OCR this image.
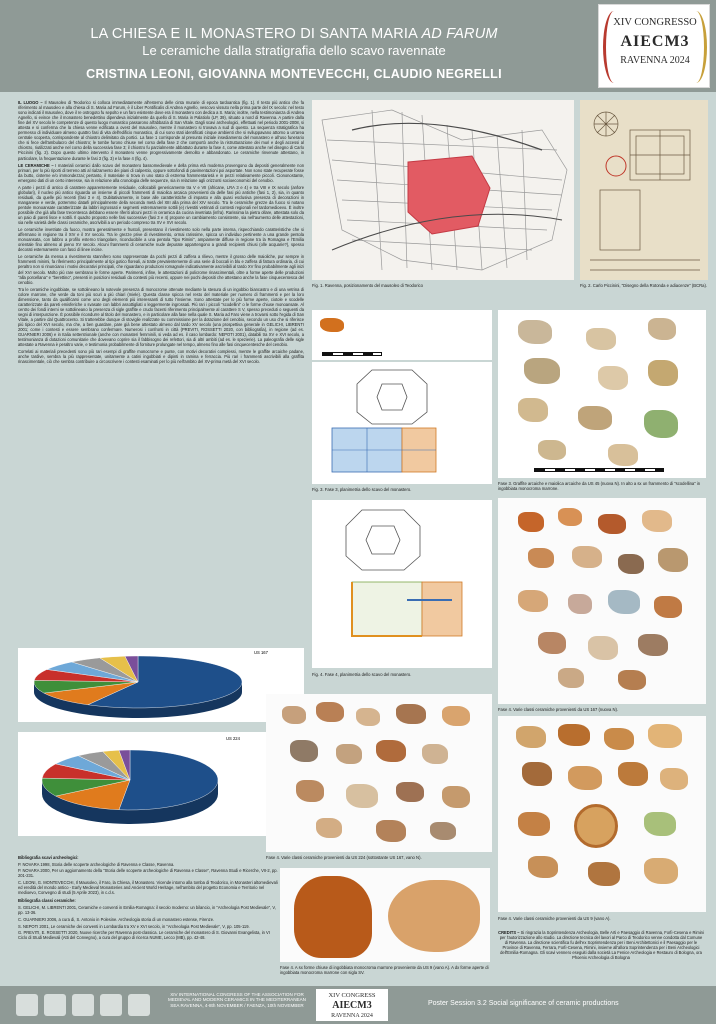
LA CHIESA E IL MONASTERO DI SANTA MARIA AD FARUM
Le ceramiche dalla stratigrafia dello scavo ravennate
CRISTINA LEONI, GIOVANNA MONTEVECCHI, CLAUDIO NEGRELLI
XIV CONGRESSO
AIECM3
RAVENNA 2024

IL LUOGO – Il Mausoleo di Teodorico si colloca immediatamente all'esterno delle cinta murarie di epoca tardoantica (fig. 1). Il testo più antico che fa riferimento al mausoleo e alla chiesa di S. Maria ad Farum, è il Liber Pontificalis di Andrea Agnello, vescovo vissuto nella prima parte del IX secolo: nel testo sono indicati il mausoleo, dove il re ostrogoto fu sepolto e un faro esistente dove era il monastero con dedica a S. Maria; inoltre, nella testimonianza di Andrea Agnello, si evince che il monastero benedettino dipendeva inizialmente da quello di S. Maria in Palatiolo (LP, 39), situato a nord di Ravenna. A partire dalla fine del XV secolo le competenze di questo luogo monastico passarono all'abbazia di San Vitale. Dagli scavi archeologici, effettuati nel periodo 2001-2008, si attesta e si conferma che la chiesa venne edificata a ovest del mausoleo, mentre il monastero si trovava a sud di questo. La sequenza stratigrafica ha permesso di individuare almeno quattro fasi di vita dell'edificio monastico, di cui sono stati identificati cinque ambienti che si sviluppavano attorno a un'area centrale scoperta, corrispondente al chiostro delimitato da portici. La fase 1 corrisponde al presunto iniziale insediamento del monastero e all'uso funerario che si fece dell'ambulacro del chiostro; le tombe furono chiuse nel corso della fase 2 che comportò anche la ristrutturazione dei muri e degli accessi al chiostro, riutilizzati anche nel corso della successiva fase 3; il chiostro fu parzialmente abbattuto durante la fase 4, come attestato anche nel disegno di Carlo Piccinini (fig. 2). Dopo questo ultimo intervento il monastero venne progressivamente demolito e abbandonato. Le ceramiche rinvenute attestano, in particolare, la frequentazione durante le fasi 3 (fig. 3) e la fase 4 (fig. 4).

LE CERAMICHE – I materiali ceramici dallo scavo del monastero bassomedievale e della prima età moderna provengono da depositi generalmente non primari, per lo più riporti di terreno atti al rialzamento dei piani di calpestio, oppure sottofondi di pavimentazioni poi asportate. Non sono state recuperate fosse da butto, cisterne e/o immondezzai; pertanto, il materiale si trova in uno stato di estrema frammentarietà e in pezzi relativamente piccoli. Ciononostante, emergono dati di un certo interesse, sia in relazione alla cronologia delle sequenze, sia in relazione agli orizzonti socioeconomici del cenobio.

A parte i pezzi di antico di carattere apparentemente residuale, collocabili genericamente tra V e VII (africane, LRA 3 e 4) e tra VIII e IX secolo (anfore globulari), il nucleo più antico riguarda un insieme di piccoli frammenti di maiolica arcaica provenienti da delle fasi più antiche (fasi 1, 2), sia, in quanto residuali, da quelle più recenti (fasi 3 e 4). Dubitativamente, in base alle caratteristiche di impasto e alla quasi esclusiva presenza di decorazioni in manganese e verde, potremmo datarli principalmente della seconda metà del XIII alla prima del XIV secolo. Tra le ceramiche grezze da fuoco si notano pentole monoansate caratterizzate da labbri ingrossati e segmenti estremamente sottili (e) rivestiti vetrinati di contesti regionali nel tardomedioevo. È inoltre possibile che già alla fase trecentesca debbano essere riferiti alcuni pezzi in ceramica da cucina invetriata (infra). Rarissima la pietra ollare, attestata solo da un paio di pareti lisce e sottili. Il quadro proposto nelle fasi successive (fasi 3 e 4) propone un cambiamento consistente, sia nell'aumento delle attestazioni, sia nelle varietà delle classi ceramiche, ascrivibili a un periodo compreso tra XV e XVI secolo.

Le ceramiche invetriate da fuoco, mostra generalmente e frustoli, presentano il rivestimento solo nella parte interna, rispecchiando caratteristiche che si affermano in regione tra il XIV e il XV secolo. Tra le grezze prive di rivestimento, ormai rarissime, spicca un individuo pertinente a una grande pentola monoansata, con labbro a profilo esterno triangolare, riconducibile a una pentola "tipo Rimini", ampiamente diffuse in regione tra la Romagna e l'Emilia orientale fino almeno al pieno XV secolo. Alcuni frammenti di ceramiche nude depurate appartengono a grandi recipienti chiusi (olle acquarie?), spesso decorati esternamente con fasci di linee incise.

Le ceramiche da mensa a rivestimento stannifero sono rappresentate da pochi pezzi di zaffera a rilievo, mentre il grosso delle maioliche, pur sempre in frammenti minimi, fa riferimento principalmente al tipi gotico floreali, ai tratte prevalentemente di una serie di boccali in blu e zaffera di fattura ordinaria, di cui peraltro non si rinunciano i motivi decorativi principali, che riguardano produzioni romagnole indicativamente ascrivibili al tardo XV fino probabilmente agli inizi del XVI secolo. Molto più rare sembrano le forme aperte. Parimenti, infine, le attestazioni di policrome rinascimentali, oltre a forme aperte delle produzioni "alla porcellana" e "berettino", presenti in posizioni residuali da contesti più recenti, oppure nei pochi depositi che attestano anche la fase cinquecentesca del cenobio.

Tra le ceramiche ingobbiate, se sottolineano la notevole presenza di monocrome ottenute mediante la stesura di un ingobbio biancastro e di una vetrina di colore marrone, che verde da toni più scuri a più chiari (miele). Questa classe spicca nel resto del materiale per numero di frammenti e per la loro dimensione, tanto da qualificarsi come uno degli elementi più interessanti di tutto l'insieme. Sono attestate per lo più forme aperte, ciotole e scodelle caratterizzate da pareti emisferiche o svasate con labbri assottigliati o leggermente ingrossati. Più rari i piccoli "scodellini" o le forme chiuse monoansate. Al centro dei fondi interni se sottolineano la presenza di sigle graffite e crudo facenti riferimento principalmente al carattere S V, spesso preceduti o seguenti da segni di interpunzione. È possibile ricondurre al titolo del monastero, e in particolare alla fase nella quale S. Maria ad Faro viene a trovarsi sotto l'egida di San Vitale, a partire dal Quattrocento. Si tratterebbe dunque di stoviglie realizzate su commissione per la dotazione del cenobio, secondo un uso che si riferisce più tipico del XVI secolo, ma che, a ben guardare, pare già bene attestato almeno dal tardo XV secolo (una prospettiva generale in GELICHI, LIBRENTI 2001; come i contesti e essere sembrano confermare. Numerosi i confronti in città (PREVITI, ROSSETTI 2020, con bibliografia), in regione (ad es. GUARNIERI 2006) e in Italia settentrionale (anche con monasteri femminili, si veda ad es. il caso lombardo: NEPOTI 2001), databili tra XV e XVI secolo, a testimonianza di dotazioni comunitarie che dovevano coprire sia il fabbisogno dei refettori, sia di altri ambiti (ad es. le spezierie). La paleografia delle sigle attestate a Ravenna è peraltro varie, e testimonia probabilmente di forniture prolungate nel tempo, almeno fino alle fasi cinquecentesche del cenobio.

Correlati ai materiali precedenti sono più rari esempi di graffite monocrome e punte, con motivi decorativi complessi, mentre le graffite arcaiche padane, anche tardive, sembra la più rappresentate, unitamente a catini ingobbiati e dipinti in ramina e ferraccia. Più rari i frammenti ascrivibili alla graffita rinascimentale, ciò che sembra contribuire a circoscrivere i contesti esaminati per lo più nell'ambito del XV-prima metà del XVI secolo.

Fig. 1. Ravenna, posizionamento del mausoleo di Teodorico	Fig. 2. Carlo Piccinini, "Disegno della Rotonda e adiacenze" (BCRa).
Fig. 3. Fase 3, planimetria dello scavo del monastero.
Fase 3. Graffite arcaiche e maiolica arcaiche da US 45 (nuova N). In alto a sx un frammento di "scodellina" in ingobbiata monocroma marrone.
Fig. 4. Fase 4, planimetria dello scavo del monastero.
Fase 4. Varie classi ceramiche provenienti da US 167 (nuova N).
US 167
US 224
Fase 4. Varie classi ceramiche provenienti da US 224 (sottostante US 167, vano N).
Fase 4. A sx forme chiuse di ingobbiata monocroma marrone proveniente da US 9 (vano A). A dx forme aperte di ingobbiata monocroma marrone con sigla SV.
Fase 4. Varie classi ceramiche provenienti da US 9 (vano A).

Bibliografia scavi archeologici:

P. NOVARA 1998, Storia delle scoperte archeologiche di Ravenna e Classe, Ravenna.

P. NOVARA 2000, Per un aggiornamento della "Storia delle scoperte archeologiche di Ravenna e Classe", Ravenna Studi e Ricerche, VII-2, pp. 201-231.

C. LEONI, G. MONTEVECCHI, Il Mausoleo, il Faro, la Chiesa, il Monastero. Vicende intorno alla tomba di Teodorico, in Monasteri altomedievali ed eredità del mondo antico - Early Medieval Monasteries and Ancient World Heritage, nell'ambito del progetto Economia e Territorio nel medioevo, Convegno di studi (5 Aprile 2023), in c.d.s.

Bibliografia classi ceramiche:

S. GELICHI, M. LIBRENTI 2001, Ceramiche e conventi in Emilia-Romagna: il secolo moderno: un bilancio, in "Archeologia Post Medievale", V, pp. 13-36.

C. GUARNIERI 2006, a cura di, S. Antonio in Polesine. Archeologia storia di un monastero estense, Firenze.

S. NEPOTI 2001, Le ceramiche dei conventi in Lombardia tra XV e XVI secolo, in "Archeologia Post Medievale", V, pp. 105-119.

G. PREVITI, E. ROSSETTI 2020, Nuove ricerche per Ravenna post-classica. Le ceramiche del monastero di S. Giovanni Evangelista, in VI Ciclo di Studi Medievali (Atti del Convegno), a cura del gruppo di ricerca NUME, Lecco (MB), pp. 42-48.

CREDITS – Si ringrazia la Soprintendenza Archeologia, Belle Arti e Paesaggio di Ravenna, Forlì-Cesena e Rimini per l'autorizzazione allo studio. La direzione tecnica del lavori al Parco di Teodorico venne condotta dal Comune di Ravenna. La direzione scientifica fu dell'ex Soprintendenza per i Beni Architettonici e il Paesaggio per le Province di Ravenna, Ferrara, Forlì-Cesena, Rimini, insieme all'allora Soprintendenza per i Beni Archeologici dell'Emilia-Romagna. Gli scavi vennero eseguiti dalla società La Fenice Archeologia e Restauro di Bologna, ora Phoenix Archeologia di Bologna
XIV INTERNATIONAL CONGRESS OF THE ASSOCIATION FOR MEDIEVAL AND MODERN CERAMICS IN THE MEDITERRANEAN SEA RAVENNA, 4-8th NOVEMBER / FAENZA, 10th NOVEMBER
XIV CONGRESS
AIECM3
RAVENNA 2024
Poster Session 3.2 Social significance of ceramic productions
